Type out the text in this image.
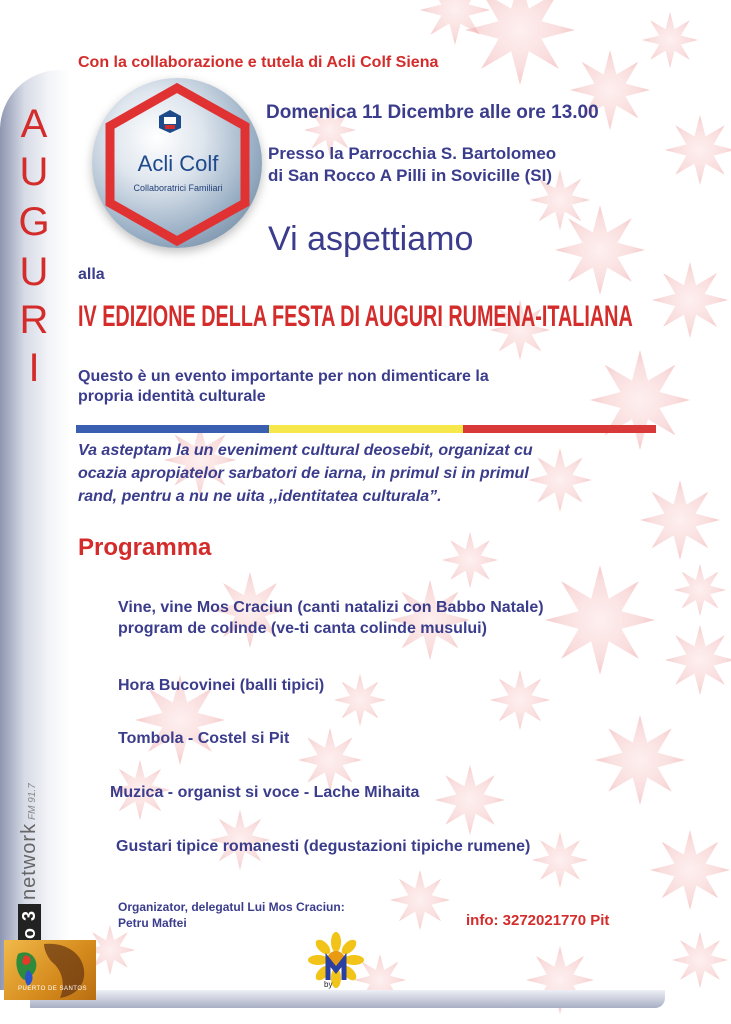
A
U
G
U
R
I
3networkFM 91.7
Acli Colf
Collaboratrici Familiari
Con la collaborazione e tutela di Acli Colf Siena
Domenica 11 Dicembre alle ore 13.00
Presso la Parrocchia S. Bartolomeo
di San Rocco A Pilli in Sovicille (SI)
Vi aspettiamo
alla
IV EDIZIONE DELLA FESTA DI AUGURI RUMENA-ITALIANA
Questo è un evento importante per non dimenticare la
propria identità culturale
Va asteptam la un eveniment cultural deosebit, organizat cu
ocazia apropiatelor sarbatori de iarna, in primul si in primul
rand, pentru a nu ne uita ,,identitatea culturala”.
Programma
Vine, vine Mos Craciun (canti natalizi con Babbo Natale)
program de colinde (ve-ti canta colinde musului)
Hora Bucovinei (balli tipici)
Tombola - Costel si Pit
Muzica - organist si voce - Lache Mihaita
Gustari tipice romanesti (degustazioni tipiche rumene)
Organizator, delegatul Lui Mos Craciun:
Petru Maftei	info: 3272021770 Pit
PUERTO DE SANTOS	by
